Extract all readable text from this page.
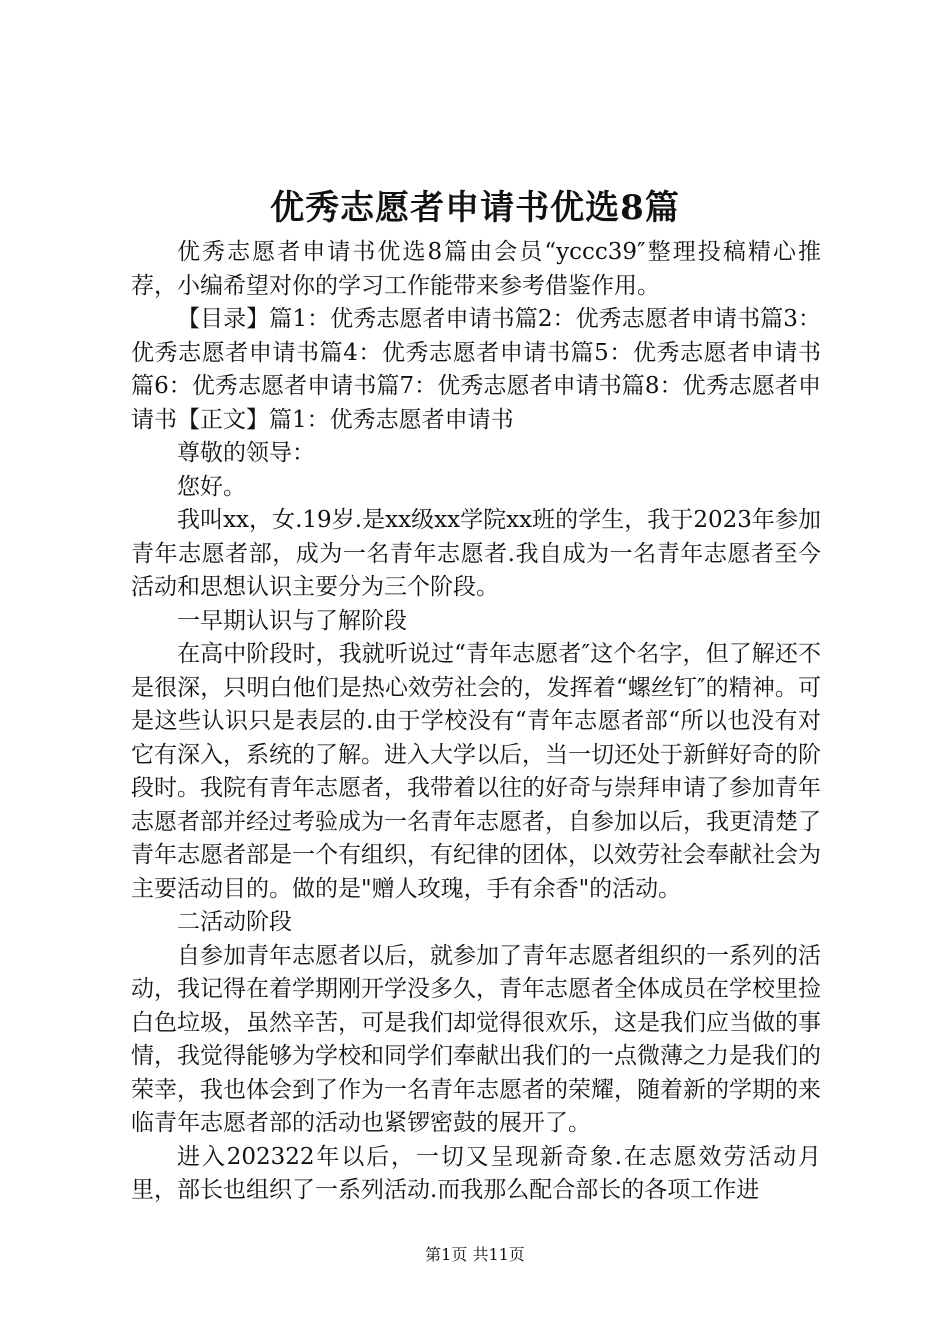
优秀志愿者申请书优选8篇

优秀志愿者申请书优选8篇由会员“yccc39″整理投稿精心推荐，小编希望对你的学习工作能带来参考借鉴作用。

【目录】篇1：优秀志愿者申请书篇2：优秀志愿者申请书篇3：优秀志愿者申请书篇4：优秀志愿者申请书篇5：优秀志愿者申请书篇6：优秀志愿者申请书篇7：优秀志愿者申请书篇8：优秀志愿者申请书【正文】篇1：优秀志愿者申请书

尊敬的领导：

您好。

我叫xx，女.19岁.是xx级xx学院xx班的学生，我于2023年参加青年志愿者部，成为一名青年志愿者.我自成为一名青年志愿者至今活动和思想认识主要分为三个阶段。

一早期认识与了解阶段

在高中阶段时，我就听说过“青年志愿者″这个名字，但了解还不是很深，只明白他们是热心效劳社会的，发挥着“螺丝钉″的精神。可是这些认识只是表层的.由于学校没有“青年志愿者部“所以也没有对它有深入，系统的了解。进入大学以后，当一切还处于新鲜好奇的阶段时。我院有青年志愿者，我带着以往的好奇与崇拜申请了参加青年志愿者部并经过考验成为一名青年志愿者，自参加以后，我更清楚了青年志愿者部是一个有组织，有纪律的团体，以效劳社会奉献社会为主要活动目的。做的是"赠人玫瑰，手有余香"的活动。

二活动阶段

自参加青年志愿者以后，就参加了青年志愿者组织的一系列的活动，我记得在着学期刚开学没多久，青年志愿者全体成员在学校里捡白色垃圾，虽然辛苦，可是我们却觉得很欢乐，这是我们应当做的事情，我觉得能够为学校和同学们奉献出我们的一点微薄之力是我们的荣幸，我也体会到了作为一名青年志愿者的荣耀，随着新的学期的来临青年志愿者部的活动也紧锣密鼓的展开了。

进入202322年以后，一切又呈现新奇象.在志愿效劳活动月里，部长也组织了一系列活动.而我那么配合部长的各项工作进

第1页 共11页
